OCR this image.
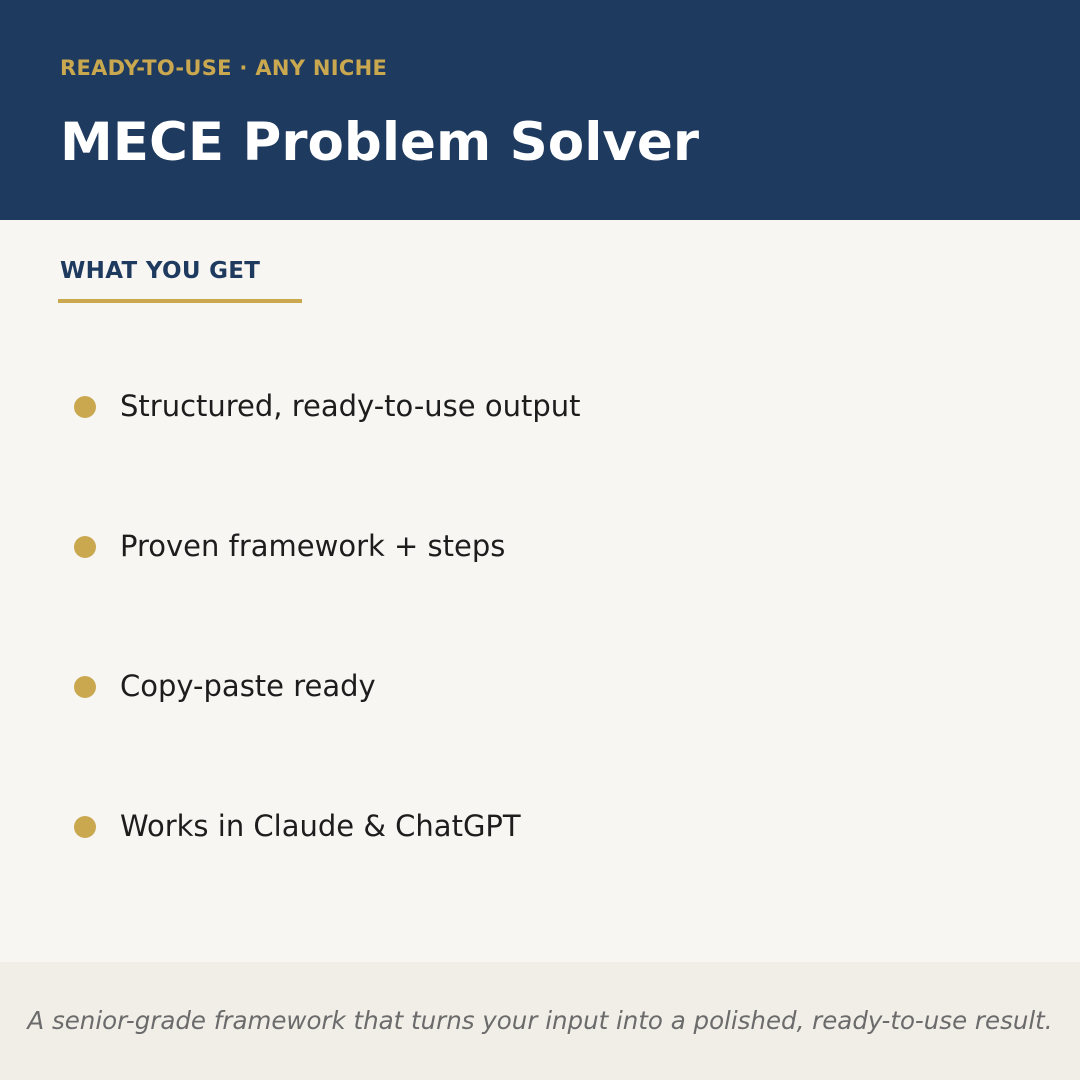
READY-TO-USE · ANY NICHE
MECE Problem Solver
WHAT YOU GET
Structured, ready-to-use output
Proven framework + steps
Copy-paste ready
Works in Claude & ChatGPT
A senior-grade framework that turns your input into a polished, ready-to-use result.
